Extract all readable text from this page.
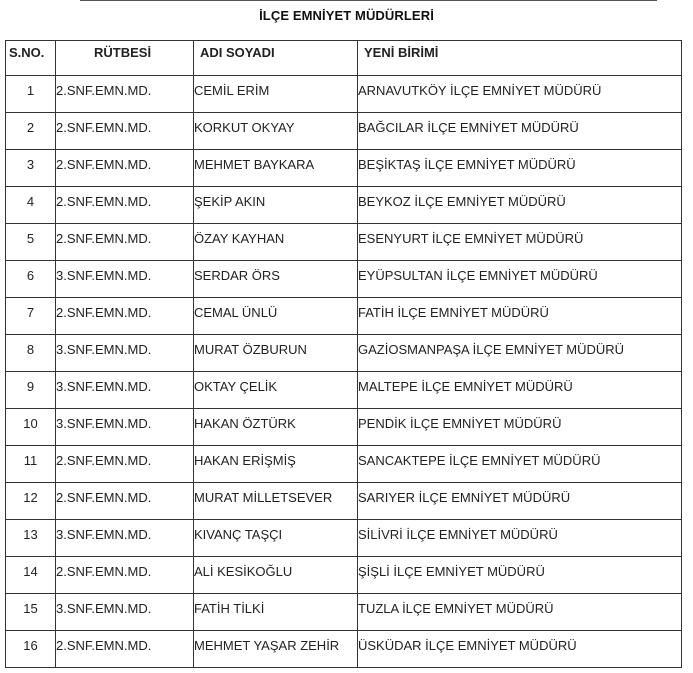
İLÇE EMNİYET MÜDÜRLERİ
S.NO.	RÜTBESİ	ADI SOYADI	YENİ BİRİMİ
1	2.SNF.EMN.MD.	CEMİL ERİM	ARNAVUTKÖY İLÇE EMNİYET MÜDÜRÜ
2	2.SNF.EMN.MD.	KORKUT OKYAY	BAĞCILAR İLÇE EMNİYET MÜDÜRÜ
3	2.SNF.EMN.MD.	MEHMET BAYKARA	BEŞİKTAŞ İLÇE EMNİYET MÜDÜRÜ
4	2.SNF.EMN.MD.	ŞEKİP AKIN	BEYKOZ İLÇE EMNİYET MÜDÜRÜ
5	2.SNF.EMN.MD.	ÖZAY KAYHAN	ESENYURT İLÇE EMNİYET MÜDÜRÜ
6	3.SNF.EMN.MD.	SERDAR ÖRS	EYÜPSULTAN İLÇE EMNİYET MÜDÜRÜ
7	2.SNF.EMN.MD.	CEMAL ÜNLÜ	FATİH İLÇE EMNİYET MÜDÜRÜ
8	3.SNF.EMN.MD.	MURAT ÖZBURUN	GAZİOSMANPAŞA İLÇE EMNİYET MÜDÜRÜ
9	3.SNF.EMN.MD.	OKTAY ÇELİK	MALTEPE İLÇE EMNİYET MÜDÜRÜ
10	3.SNF.EMN.MD.	HAKAN ÖZTÜRK	PENDİK İLÇE EMNİYET MÜDÜRÜ
11	2.SNF.EMN.MD.	HAKAN ERİŞMİŞ	SANCAKTEPE İLÇE EMNİYET MÜDÜRÜ
12	2.SNF.EMN.MD.	MURAT MİLLETSEVER	SARIYER İLÇE EMNİYET MÜDÜRÜ
13	3.SNF.EMN.MD.	KIVANÇ TAŞÇI	SİLİVRİ İLÇE EMNİYET MÜDÜRÜ
14	2.SNF.EMN.MD.	ALİ KESİKOĞLU	ŞİŞLİ İLÇE EMNİYET MÜDÜRÜ
15	3.SNF.EMN.MD.	FATİH TİLKİ	TUZLA İLÇE EMNİYET MÜDÜRÜ
16	2.SNF.EMN.MD.	MEHMET YAŞAR ZEHİR	ÜSKÜDAR İLÇE EMNİYET MÜDÜRÜ
